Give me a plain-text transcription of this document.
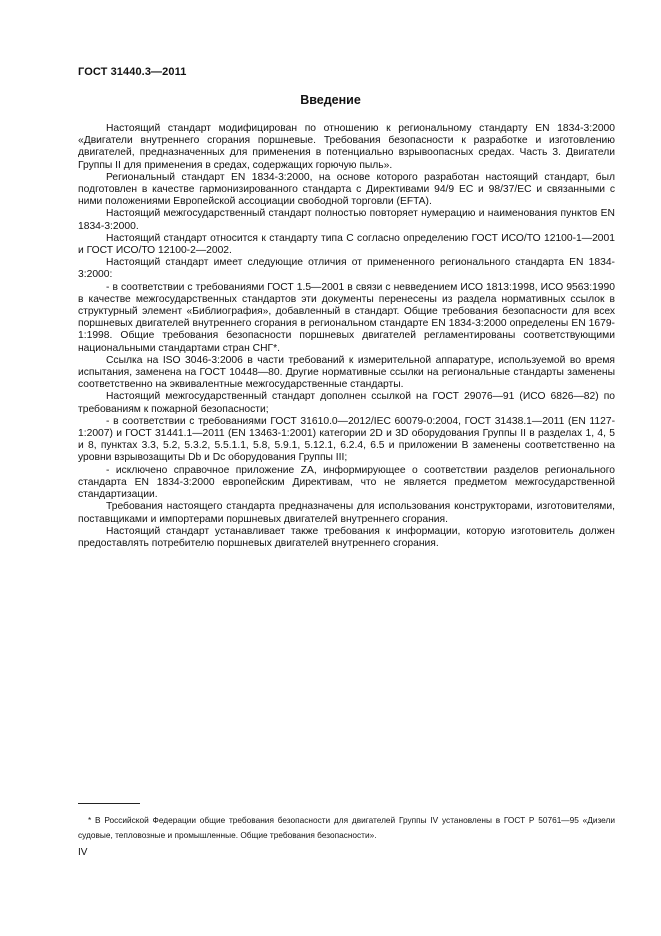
ГОСТ 31440.3—2011
Введение

Настоящий стандарт модифицирован по отношению к региональному стандарту EN 1834-3:2000 «Двигатели внутреннего сгорания поршневые. Требования безопасности к разработке и изготовлению двигателей, предназначенных для применения в потенциально взрывоопасных средах. Часть 3. Двигатели Группы II для применения в средах, содержащих горючую пыль».

Региональный стандарт EN 1834-3:2000, на основе которого разработан настоящий стандарт, был подготовлен в качестве гармонизированного стандарта с Директивами 94/9 ЕС и 98/37/ЕС и связанными с ними положениями Европейской ассоциации свободной торговли (EFTA).

Настоящий межгосударственный стандарт полностью повторяет нумерацию и наименования пунктов EN 1834-3:2000.

Настоящий стандарт относится к стандарту типа С согласно определению ГОСТ ИСО/ТО 12100-1—2001 и ГОСТ ИСО/ТО 12100-2—2002.

Настоящий стандарт имеет следующие отличия от примененного регионального стандарта EN 1834-3:2000:

- в соответствии с требованиями ГОСТ 1.5—2001 в связи с невведением ИСО 1813:1998, ИСО 9563:1990 в качестве межгосударственных стандартов эти документы перенесены из раздела нормативных ссылок в структурный элемент «Библиография», добавленный в стандарт. Общие требования безопасности для всех поршневых двигателей внутреннего сгорания в региональном стандарте EN 1834-3:2000 определены EN 1679-1:1998. Общие требования безопасности поршневых двигателей регламентированы соответствующими национальными стандартами стран СНГ*.

Ссылка на ISO 3046-3:2006 в части требований к измерительной аппаратуре, используемой во время испытания, заменена на ГОСТ 10448—80. Другие нормативные ссылки на региональные стандарты заменены соответственно на эквивалентные межгосударственные стандарты.

Настоящий межгосударственный стандарт дополнен ссылкой на ГОСТ 29076—91 (ИСО 6826—82) по требованиям к пожарной безопасности;

- в соответствии с требованиями ГОСТ 31610.0—2012/IEC 60079-0:2004, ГОСТ 31438.1—2011 (EN 1127-1:2007) и ГОСТ 31441.1—2011 (EN 13463-1:2001) категории 2D и 3D оборудования Группы II в разделах 1, 4, 5 и 8, пунктах 3.3, 5.2, 5.3.2, 5.5.1.1, 5.8, 5.9.1, 5.12.1, 6.2.4, 6.5 и приложении В заменены соответственно на уровни взрывозащиты Db и Dc оборудования Группы III;

- исключено справочное приложение ZA, информирующее о соответствии разделов регионального стандарта EN 1834-3:2000 европейским Директивам, что не является предметом межгосударственной стандартизации.

Требования настоящего стандарта предназначены для использования конструкторами, изготовителями, поставщиками и импортерами поршневых двигателей внутреннего сгорания.

Настоящий стандарт устанавливает также требования к информации, которую изготовитель должен предоставлять потребителю поршневых двигателей внутреннего сгорания.

* В Российской Федерации общие требования безопасности для двигателей Группы IV установлены в ГОСТ Р 50761—95 «Дизели судовые, тепловозные и промышленные. Общие требования безопасности».
IV
